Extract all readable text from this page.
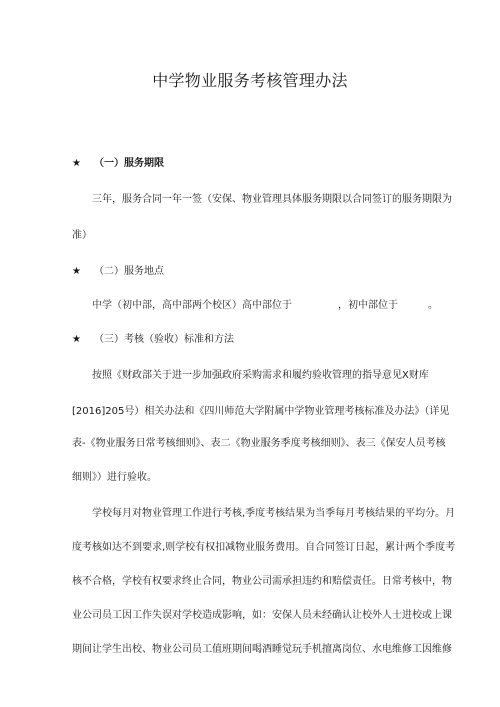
中学物业服务考核管理办法
★ （一）服务期限
三年，服务合同一年一签（安保、物业管理具体服务期限以合同签订的服务期限为
准）
★ （二）服务地点
中学（初中部，高中部两个校区）高中部位于	，初中部位于	。
★ （三）考核（验收）标准和方法
按照《财政部关于进一步加强政府采购需求和履约验收管理的指导意见X财库
[2016]205号）相关办法和《四川师范大学附属中学物业管理考核标准及办法》（详见
表-《物业服务日常考核细则》、表二《物业服务季度考核细则》、表三《保安人员考核
细则》）进行验收。
学校每月对物业管理工作进行考核,季度考核结果为当季每月考核结果的平均分。月
度考核如达不到要求,则学校有权扣减物业服务费用。自合同签订日起，累计两个季度考
核不合格，学校有权要求终止合同，物业公司需承担违约和赔偿责任。日常考核中，物
业公司员工因工作失误对学校造成影响，如：安保人员未经确认让校外人士进校或上课
期间让学生出校、物业公司员工值班期间喝酒睡觉玩手机擅离岗位、水电维修工因维修
